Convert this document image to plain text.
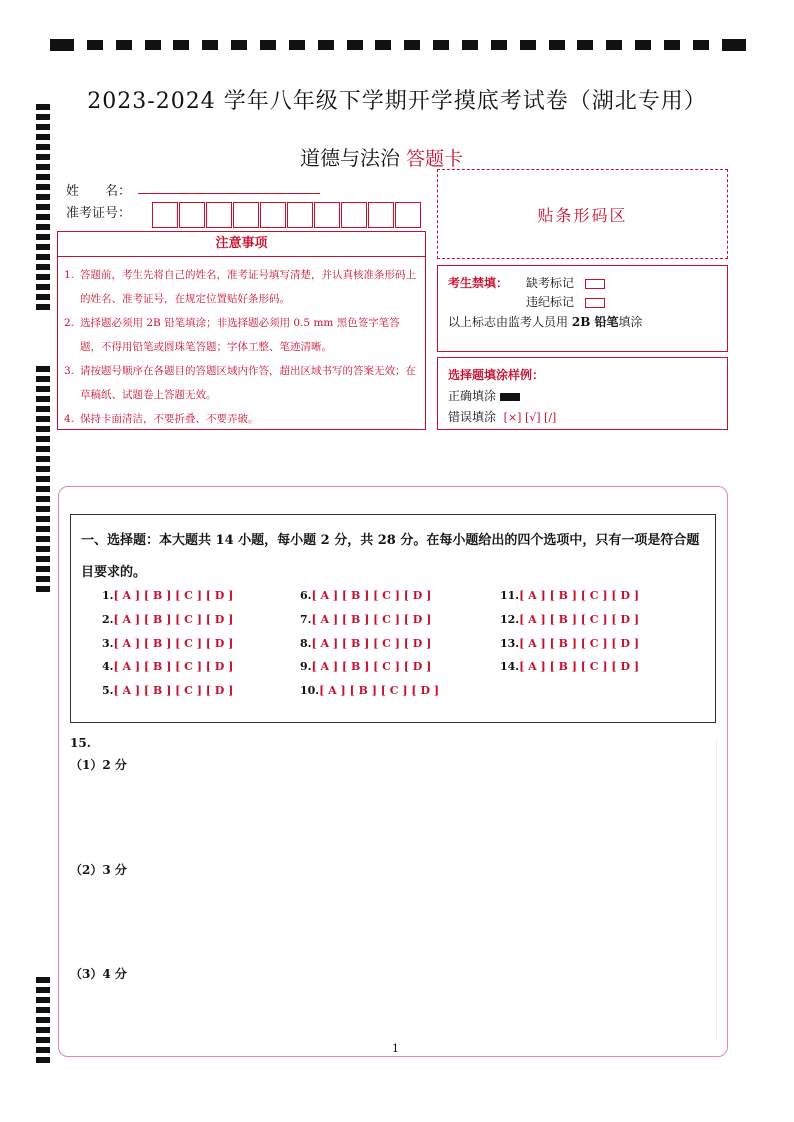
2023-2024 学年八年级下学期开学摸底考试卷（湖北专用）
道德与法治 答题卡
姓　　名：
准考证号：	贴条形码区
注意事项
1. 答题前，考生先将自己的姓名，准考证号填写清楚，并认真核准条形码上的姓名、准考证号，在规定位置贴好条形码。
2. 选择题必须用 2B 铅笔填涂；非选择题必须用 0.5 mm 黑色签字笔答题，不得用铅笔或圆珠笔答题；字体工整、笔迹清晰。
3. 请按题号顺序在各题目的答题区域内作答，超出区域书写的答案无效；在草稿纸、试题卷上答题无效。
4. 保持卡面清洁，不要折叠、不要弄破。
考生禁填： 缺考标记
违纪标记
以上标志由监考人员用 2B 铅笔填涂
选择题填涂样例：
正确填涂
错误填涂 [×] [√] [/]
一、选择题：本大题共 14 小题，每小题 2 分，共 28 分。在每小题给出的四个选项中，只有一项是符合题目要求的。
1.[ A ] [ B ] [ C ] [ D ]
2.[ A ] [ B ] [ C ] [ D ]
3.[ A ] [ B ] [ C ] [ D ]
4.[ A ] [ B ] [ C ] [ D ]
5.[ A ] [ B ] [ C ] [ D ]
6.[ A ] [ B ] [ C ] [ D ]
7.[ A ] [ B ] [ C ] [ D ]
8.[ A ] [ B ] [ C ] [ D ]
9.[ A ] [ B ] [ C ] [ D ]
10.[ A ] [ B ] [ C ] [ D ]
11.[ A ] [ B ] [ C ] [ D ]
12.[ A ] [ B ] [ C ] [ D ]
13.[ A ] [ B ] [ C ] [ D ]
14.[ A ] [ B ] [ C ] [ D ]
15.
（1）2 分
（2）3 分
（3）4 分
1
